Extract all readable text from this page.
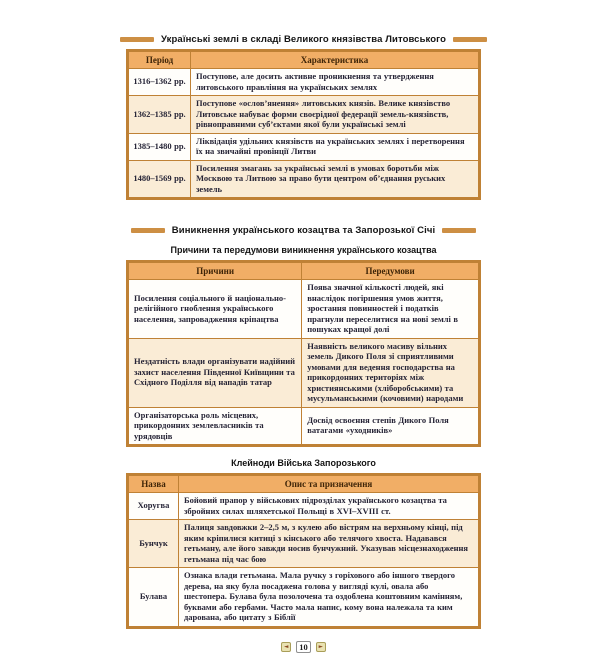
Українські землі в складі Великого князівства Литовського
Період	Характеристика
1316–1362 рр.	Поступове, але досить активне проникнення та утвердження литовського правління на українських землях
1362–1385 рр.	Поступове «ослов’янення» литовських князів. Велике князівство Литовське набуває форми своєрідної федерації земель-князівств, рівноправними суб’єктами якої були українські землі
1385–1480 рр.	Ліквідація удільних князівств на українських землях і перетворення їх на звичайні провінції Литви
1480–1569 рр.	Посилення змагань за українські землі в умовах боротьби між Москвою та Литвою за право бути центром об’єднання руських земель
Виникнення українського козацтва та Запорозької Січі
Причини та передумови виникнення українського козацтва
Причини	Передумови
Посилення соціального й національно-релігійного гноблення українського населення, запровадження кріпацтва	Поява значної кількості людей, які внаслідок погіршення умов життя, зростання повинностей і податків прагнули переселитися на нові землі в пошуках кращої долі
Нездатність влади організувати надійний захист населення Південної Київщини та Східного Поділля від нападів татар	Наявність великого масиву вільних земель Дикого Поля зі сприятливими умовами для ведення господарства на прикордонних територіях між християнськими (хліборобськими) та мусульманськими (кочовими) народами
Організаторська роль місцевих, прикордонних землевласників та урядовців	Досвід освоєння степів Дикого Поля ватагами «уходників»
Клейноди Війська Запорозького
Назва	Опис та призначення
Хоругва	Бойовий прапор у військових підрозділах українського козацтва та збройних силах шляхетської Польщі в XVI–XVIII ст.
Бунчук	Палиця завдовжки 2–2,5 м, з кулею або вістрям на верхньому кінці, під яким кріпилися китиці з кінського або телячого хвоста. Надавався гетьману, але його завжди носив бунчужний. Указував місцезнаходження гетьмана під час бою
Булава	Ознака влади гетьмана. Мала ручку з горіхового або іншого твердого дерева, на яку була посаджена голова у вигляді кулі, овала або шестопера. Булава була позолочена та оздоблена коштовним камінням, буквами або гербами. Часто мала напис, кому вона належала та ким дарована, або цитату з Біблії
◄	10	►
